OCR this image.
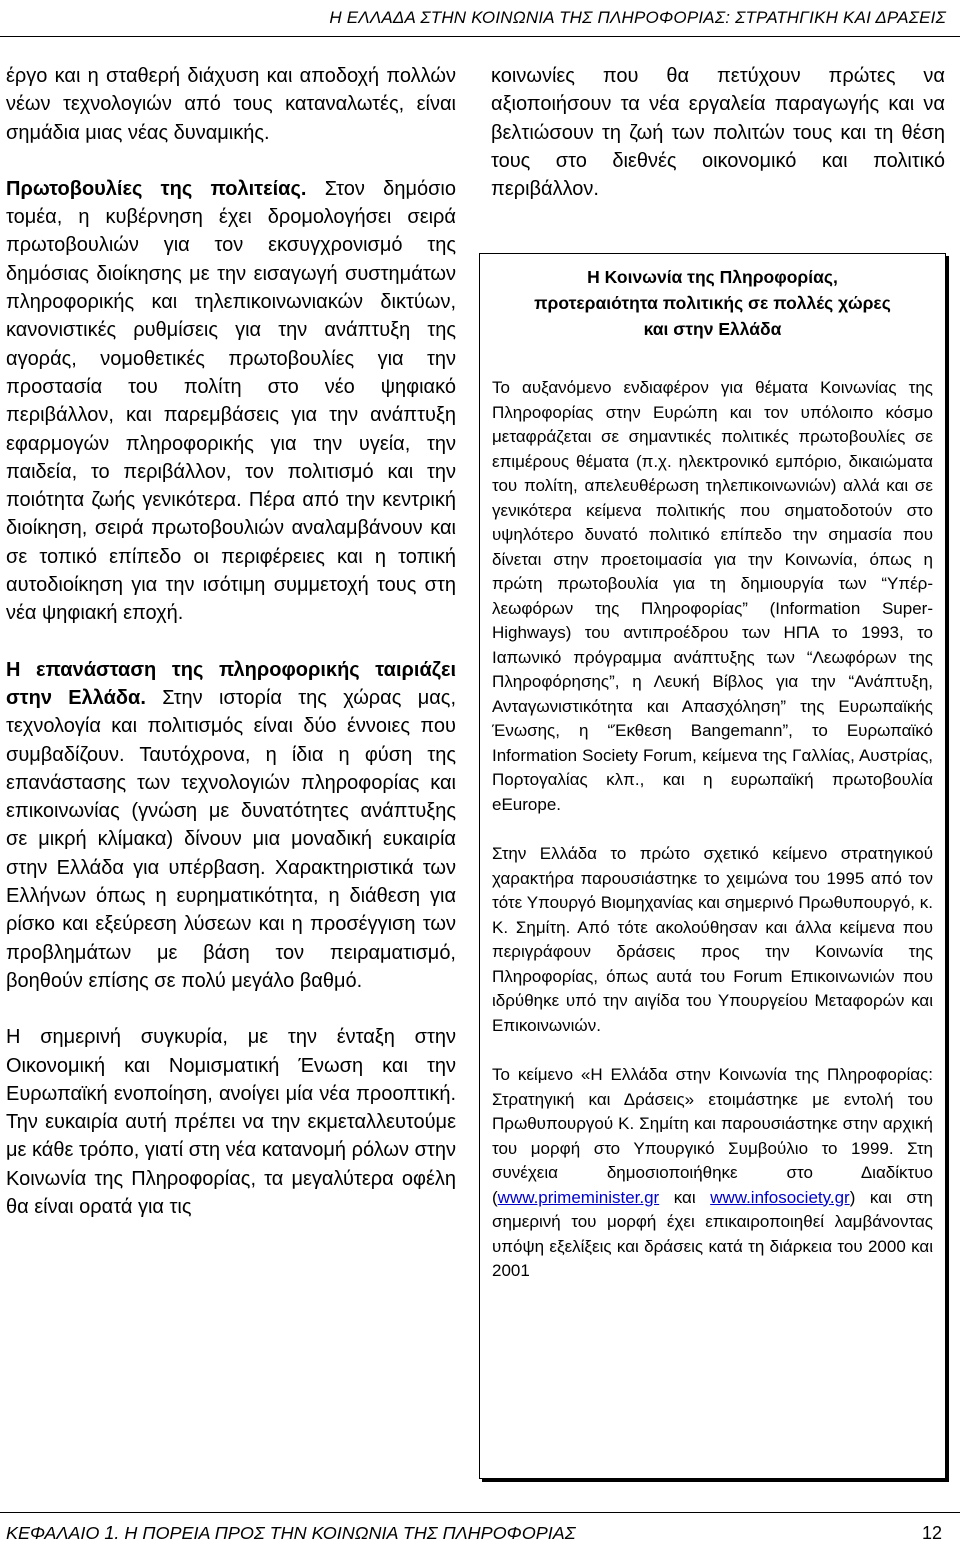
Η ΕΛΛΑΔΑ ΣΤΗΝ ΚΟΙΝΩΝΙΑ ΤΗΣ ΠΛΗΡΟΦΟΡΙΑΣ: ΣΤΡΑΤΗΓΙΚΗ ΚΑΙ ΔΡΑΣΕΙΣ

έργο και η σταθερή διάχυση και αποδοχή πολλών νέων τεχνολογιών από τους καταναλωτές, είναι σημάδια μιας νέας δυναμικής.

Πρωτοβουλίες της πολιτείας. Στον δημόσιο τομέα, η κυβέρνηση έχει δρομολογήσει σειρά πρωτοβουλιών για τον εκσυγχρονισμό της δημόσιας διοίκησης με την εισαγωγή συστημάτων πληροφορικής και τηλεπικοινωνιακών δικτύων, κανονιστικές ρυθμίσεις για την ανάπτυξη της αγοράς, νομοθετικές πρωτοβουλίες για την προστασία του πολίτη στο νέο ψηφιακό περιβάλλον, και παρεμβάσεις για την ανάπτυξη εφαρμογών πληροφορικής για την υγεία, την παιδεία, το περιβάλλον, τον πολιτισμό και την ποιότητα ζωής γενικότερα. Πέρα από την κεντρική διοίκηση, σειρά πρωτοβουλιών αναλαμβάνουν και σε τοπικό επίπεδο οι περιφέρειες και η τοπική αυτοδιοίκηση για την ισότιμη συμμετοχή τους στη νέα ψηφιακή εποχή.

Η επανάσταση της πληροφορικής ταιριάζει στην Ελλάδα. Στην ιστορία της χώρας μας, τεχνολογία και πολιτισμός είναι δύο έννοιες που συμβαδίζουν. Ταυτόχρονα, η ίδια η φύση της επανάστασης των τεχνολογιών πληροφορίας και επικοινωνίας (γνώση με δυνατότητες ανάπτυξης σε μικρή κλίμακα) δίνουν μια μοναδική ευκαιρία στην Ελλάδα για υπέρβαση. Χαρακτηριστικά των Ελλήνων όπως η ευρηματικότητα, η διάθεση για ρίσκο και εξεύρεση λύσεων και η προσέγγιση των προβλημάτων με βάση τον πειραματισμό, βοηθούν επίσης σε πολύ μεγάλο βαθμό.

Η σημερινή συγκυρία, με την ένταξη στην Οικονομική και Νομισματική Ένωση και την Ευρωπαϊκή ενοποίηση, ανοίγει μία νέα προοπτική. Την ευκαιρία αυτή πρέπει να την εκμεταλλευτούμε με κάθε τρόπο, γιατί στη νέα κατανομή ρόλων στην Κοινωνία της Πληροφορίας, τα μεγαλύτερα οφέλη θα είναι ορατά για τις

κοινωνίες που θα πετύχουν πρώτες να αξιοποιήσουν τα νέα εργαλεία παραγωγής και να βελτιώσουν τη ζωή των πολιτών τους και τη θέση τους στο διεθνές οικονομικό και πολιτικό περιβάλλον.

Η Κοινωνία της Πληροφορίας,
προτεραιότητα πολιτικής σε πολλές χώρες
και στην Ελλάδα

Το αυξανόμενο ενδιαφέρον για θέματα Κοινωνίας της Πληροφορίας στην Ευρώπη και τον υπόλοιπο κόσμο μεταφράζεται σε σημαντικές πολιτικές πρωτοβουλίες σε επιμέρους θέματα (π.χ. ηλεκτρονικό εμπόριο, δικαιώματα του πολίτη, απελευθέρωση τηλεπικοινωνιών) αλλά και σε γενικότερα κείμενα πολιτικής που σηματοδοτούν στο υψηλότερο δυνατό πολιτικό επίπεδο την σημασία που δίνεται στην προετοιμασία για την Κοινωνία, όπως η πρώτη πρωτοβουλία για τη δημιουργία των “Υπέρ-λεωφόρων της Πληροφορίας” (Information Super-Highways) του αντιπροέδρου των ΗΠΑ το 1993, το Ιαπωνικό πρόγραμμα ανάπτυξης των “Λεωφόρων της Πληροφόρησης”, η Λευκή Βίβλος για την “Ανάπτυξη, Ανταγωνιστικότητα και Απασχόληση” της Ευρωπαϊκής Ένωσης, η “Έκθεση Bangemann”, το Ευρωπαϊκό Information Society Forum, κείμενα της Γαλλίας, Αυστρίας, Πορτογαλίας κλπ., και η ευρωπαϊκή πρωτοβουλία eEurope.

Στην Ελλάδα το πρώτο σχετικό κείμενο στρατηγικού χαρακτήρα παρουσιάστηκε το χειμώνα του 1995 από τον τότε Υπουργό Βιομηχανίας και σημερινό Πρωθυπουργό, κ. Κ. Σημίτη. Από τότε ακολούθησαν και άλλα κείμενα που περιγράφουν δράσεις προς την Κοινωνία της Πληροφορίας, όπως αυτά του Forum Επικοινωνιών που ιδρύθηκε υπό την αιγίδα του Υπουργείου Μεταφορών και Επικοινωνιών.

Το κείμενο «Η Ελλάδα στην Κοινωνία της Πληροφορίας: Στρατηγική και Δράσεις» ετοιμάστηκε με εντολή του Πρωθυπουργού Κ. Σημίτη και παρουσιάστηκε στην αρχική του μορφή στο Υπουργικό Συμβούλιο το 1999. Στη συνέχεια δημοσιοποιήθηκε στο Διαδίκτυο (www.primeminister.gr και www.infosociety.gr) και στη σημερινή του μορφή έχει επικαιροποιηθεί λαμβάνοντας υπόψη εξελίξεις και δράσεις κατά τη διάρκεια του 2000 και 2001

ΚΕΦΑΛΑΙΟ 1. Η ΠΟΡΕΙΑ ΠΡΟΣ ΤΗΝ ΚΟΙΝΩΝΙΑ ΤΗΣ ΠΛΗΡΟΦΟΡΙΑΣ	12
